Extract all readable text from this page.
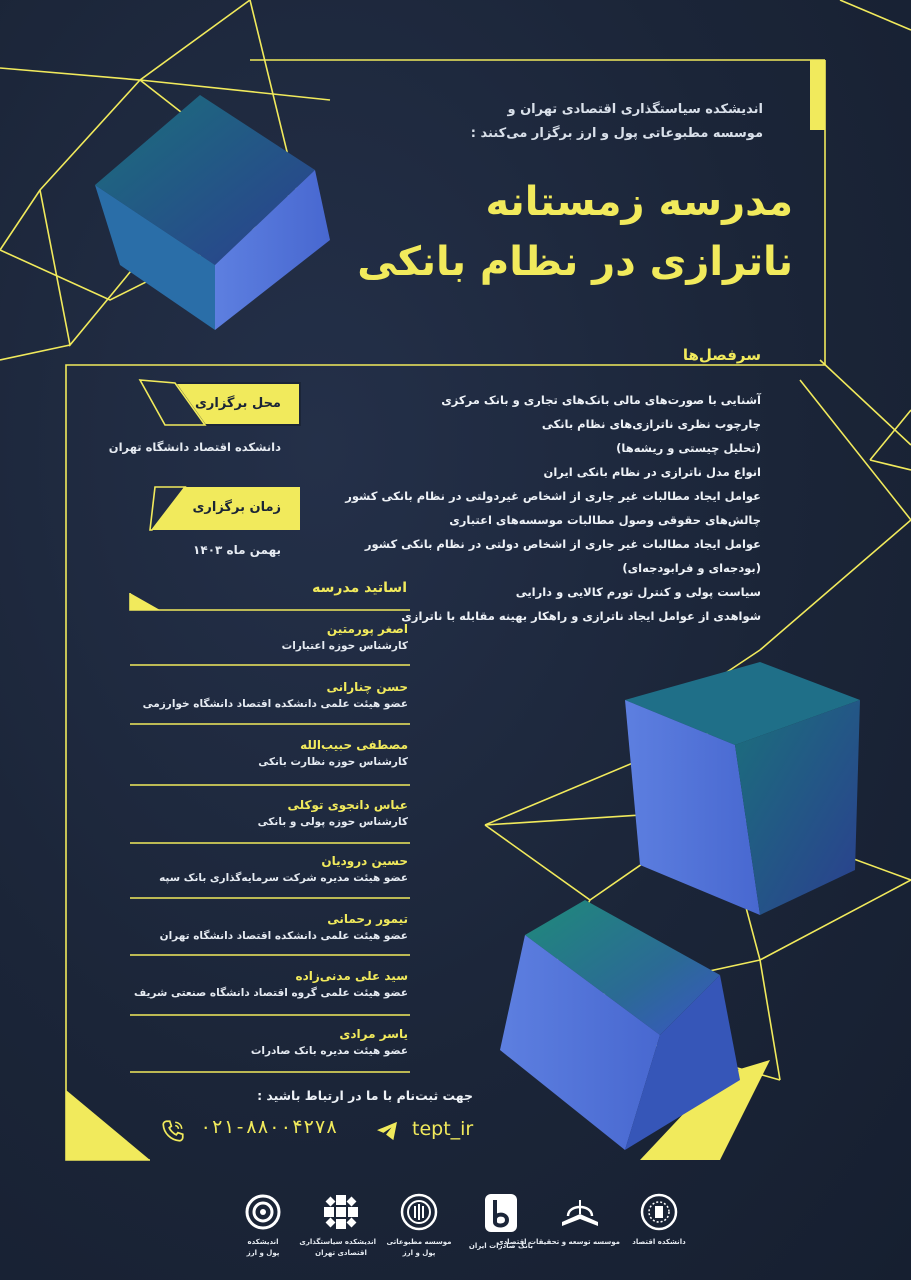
اندیشکده سیاستگذاری اقتصادی تهران و
موسسه مطبوعاتی پول و ارز برگزار می‌کنند :
مدرسه زمستانه
ناترازی در نظام بانکی
سرفصل‌ها
آشنایی با صورت‌های مالی بانک‌های تجاری و بانک مرکزی
چارچوب نظری ناترازی‌های نظام بانکی
(تحلیل چیستی و ریشه‌ها)
انواع مدل ناترازی در نظام بانکی ایران
عوامل ایجاد مطالبات غیر جاری از اشخاص غیردولتی در نظام بانکی کشور
چالش‌های حقوقی وصول مطالبات موسسه‌های اعتباری
عوامل ایجاد مطالبات غیر جاری از اشخاص دولتی در نظام بانکی کشور
(بودجه‌ای و فرابودجه‌ای)
سیاست پولی و کنترل تورم کالایی و دارایی
شواهدی از عوامل ایجاد ناترازی و راهکار بهینه مقابله با ناترازی
محل برگزاری
دانشکده اقتصاد دانشگاه تهران
زمان برگزاری
بهمن ماه ۱۴۰۳
اساتید مدرسه
اصغر پورمتین
کارشناس حوزه اعتبارات
حسن چنارانی
عضو هیئت علمی دانشکده اقتصاد دانشگاه خوارزمی
مصطفی حبیب‌الله
کارشناس حوزه نظارت بانکی
عباس دانجوی توکلی
کارشناس حوزه پولی و بانکی
حسین درودیان
عضو هیئت مدیره شرکت سرمایه‌گذاری بانک سپه
تیمور رحمانی
عضو هیئت علمی دانشکده اقتصاد دانشگاه تهران
سید علی مدنی‌زاده
عضو هیئت علمی گروه اقتصاد دانشگاه صنعتی شریف
یاسر مرادی
عضو هیئت مدیره بانک صادرات
جهت ثبت‌نام با ما در ارتباط باشید :
۰۲۱-۸۸۰۰۴۲۷۸	tept_ir
اندیشکده
پول و ارز
اندیشکده سیاستگذاری
اقتصادی تهران
موسسه مطبوعاتی
پول و ارز
بانک صادرات ایران
موسسه توسعه و تحقیقات اقتصادی	دانشکده اقتصاد
